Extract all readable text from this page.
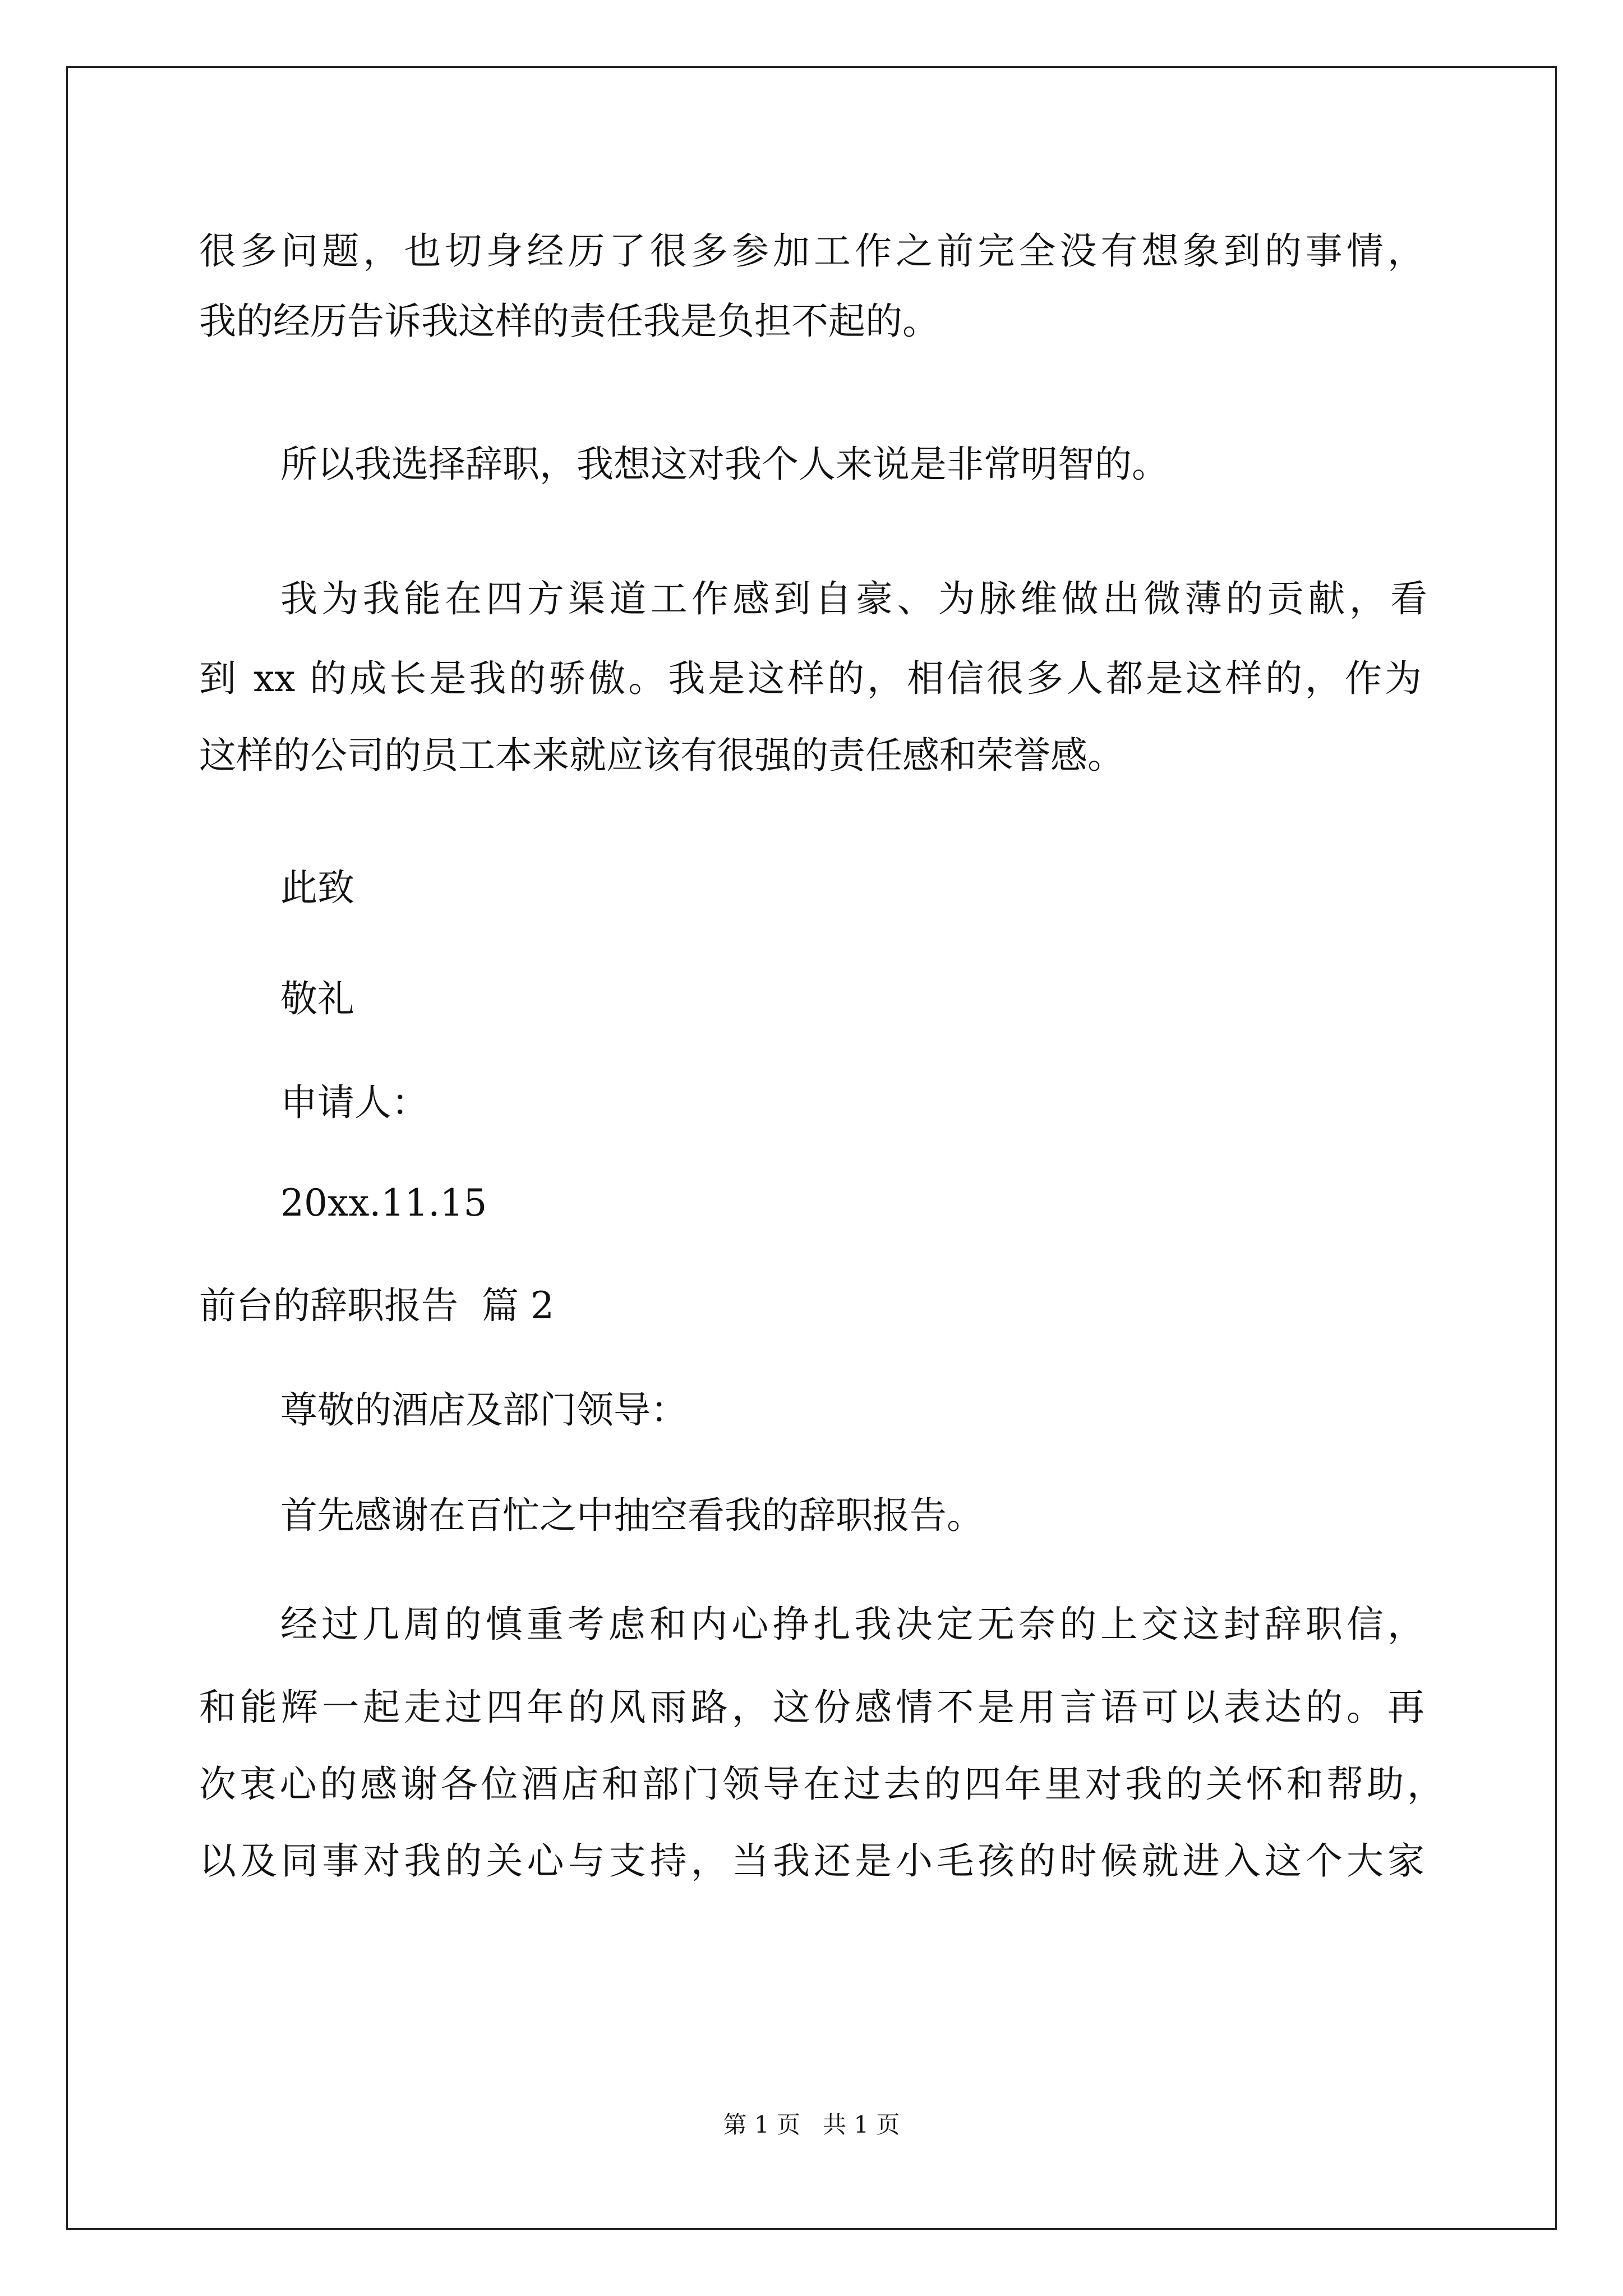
很多问题，也切身经历了很多参加工作之前完全没有想象到的事情，
我的经历告诉我这样的责任我是负担不起的。
所以我选择辞职，我想这对我个人来说是非常明智的。
我为我能在四方渠道工作感到自豪、为脉维做出微薄的贡献，看
到 xx 的成长是我的骄傲。我是这样的，相信很多人都是这样的，作为
这样的公司的员工本来就应该有很强的责任感和荣誉感。
此致
敬礼
申请人：
20xx.11.15
前台的辞职报告  篇 2
尊敬的酒店及部门领导：
首先感谢在百忙之中抽空看我的辞职报告。
经过几周的慎重考虑和内心挣扎我决定无奈的上交这封辞职信，
和能辉一起走过四年的风雨路，这份感情不是用言语可以表达的。再
次衷心的感谢各位酒店和部门领导在过去的四年里对我的关怀和帮助，
以及同事对我的关心与支持，当我还是小毛孩的时候就进入这个大家
第 1 页   共 1 页
